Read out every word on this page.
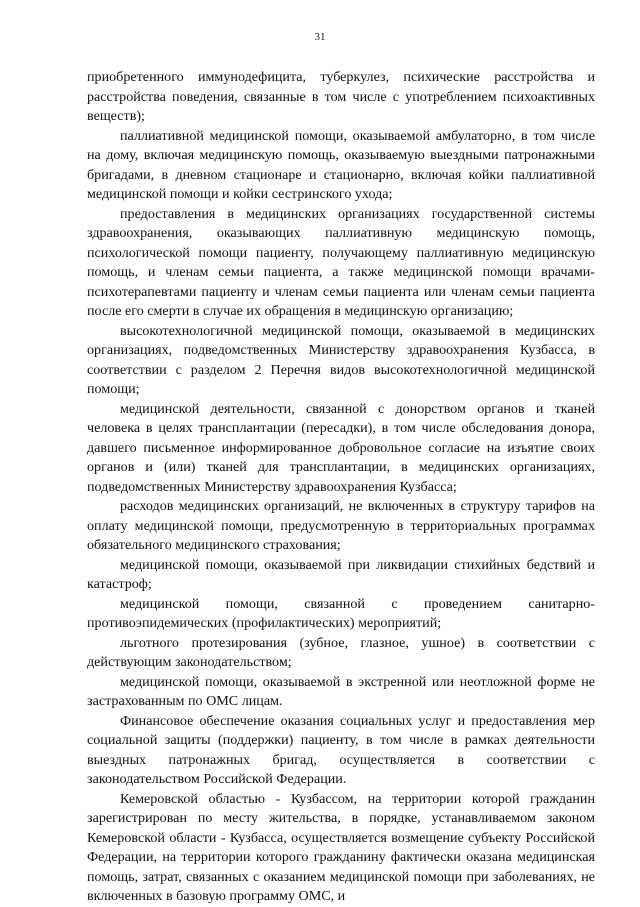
31

приобретенного иммунодефицита, туберкулез, психические расстройства и расстройства поведения, связанные в том числе с употреблением психоактивных веществ);

паллиативной медицинской помощи, оказываемой амбулаторно, в том числе на дому, включая медицинскую помощь, оказываемую выездными патронажными бригадами, в дневном стационаре и стационарно, включая койки паллиативной медицинской помощи и койки сестринского ухода;

предоставления в медицинских организациях государственной системы здравоохранения, оказывающих паллиативную медицинскую помощь, психологической помощи пациенту, получающему паллиативную медицинскую помощь, и членам семьи пациента, а также медицинской помощи врачами-психотерапевтами пациенту и членам семьи пациента или членам семьи пациента после его смерти в случае их обращения в медицинскую организацию;

высокотехнологичной медицинской помощи, оказываемой в медицинских организациях, подведомственных Министерству здравоохранения Кузбасса, в соответствии с разделом 2 Перечня видов высокотехнологичной медицинской помощи;

медицинской деятельности, связанной с донорством органов и тканей человека в целях трансплантации (пересадки), в том числе обследования донора, давшего письменное информированное добровольное согласие на изъятие своих органов и (или) тканей для трансплантации, в медицинских организациях, подведомственных Министерству здравоохранения Кузбасса;

расходов медицинских организаций, не включенных в структуру тарифов на оплату медицинской помощи, предусмотренную в территориальных программах обязательного медицинского страхования;

медицинской помощи, оказываемой при ликвидации стихийных бедствий и катастроф;

медицинской помощи, связанной с проведением санитарно-противоэпидемических (профилактических) мероприятий;

льготного протезирования (зубное, глазное, ушное) в соответствии с действующим законодательством;

медицинской помощи, оказываемой в экстренной или неотложной форме не застрахованным по ОМС лицам.

Финансовое обеспечение оказания социальных услуг и предоставления мер социальной защиты (поддержки) пациенту, в том числе в рамках деятельности выездных патронажных бригад, осуществляется в соответствии с законодательством Российской Федерации.

Кемеровской областью - Кузбассом, на территории которой гражданин зарегистрирован по месту жительства, в порядке, устанавливаемом законом Кемеровской области - Кузбасса, осуществляется возмещение субъекту Российской Федерации, на территории которого гражданину фактически оказана медицинская помощь, затрат, связанных с оказанием медицинской помощи при заболеваниях, не включенных в базовую программу ОМС, и
